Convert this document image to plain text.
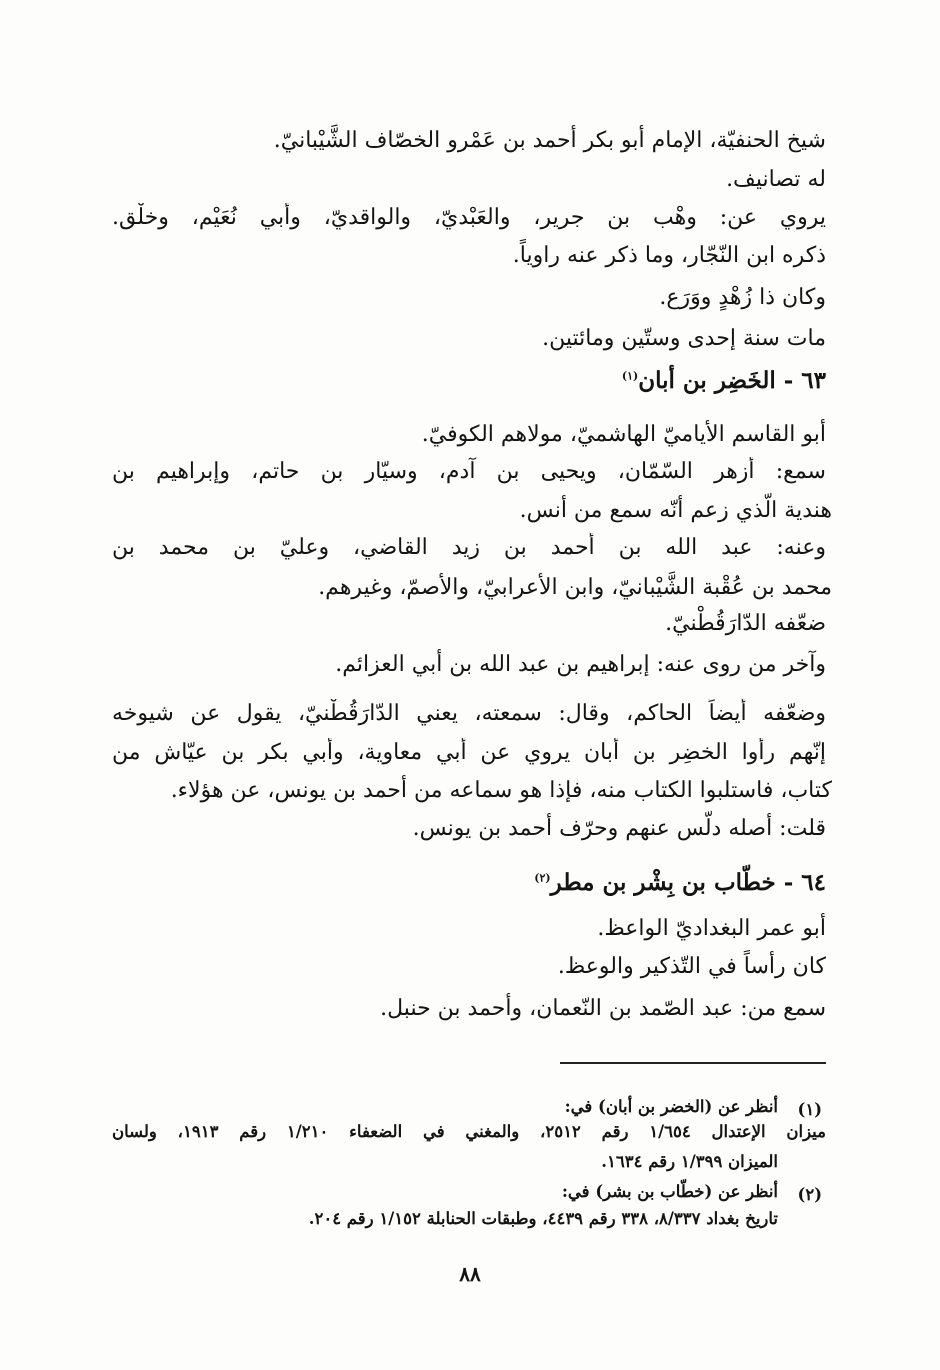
شيخ الحنفيّة، الإمام أبو بكر أحمد بن عَمْرو الخصّاف الشَّيْبانيّ.
له تصانيف.
يروي عن: وهْب بن جرير، والعَبْديّ، والواقديّ، وأبي نُعَيْم، وخلْق.
ذكره ابن النّجّار، وما ذكر عنه راوياً.
وكان ذا زُهْدٍ ووَرَع.
مات سنة إحدى وستّين ومائتين.
٦٣ - الخَضِر بن أبان$^{(١)}$
أبو القاسم الأياميّ الهاشميّ، مولاهم الكوفيّ.
سمع: أزهر السّمّان، ويحيى بن آدم، وسيّار بن حاتم، وإبراهيم بن
هندية الّذي زعم أنّه سمع من أنس.
وعنه: عبد الله بن أحمد بن زيد القاضي، وعليّ بن محمد بن
محمد بن عُقْبة الشَّيْبانيّ، وابن الأعرابيّ، والأصمّ، وغيرهم.
ضعّفه الدّارَقُطْنيّ.
وآخر من روى عنه: إبراهيم بن عبد الله بن أبي العزائم.
وضعّفه أيضاً الحاكم، وقال: سمعته، يعني الدّارَقُطْنيّ، يقول عن شيوخه
إنّهم رأوا الخضِر بن أبان يروي عن أبي معاوية، وأبي بكر بن عيّاش من
كتاب، فاستلبوا الكتاب منه، فإذا هو سماعه من أحمد بن يونس، عن هؤلاء.
قلت: أصله دلّس عنهم وحرّف أحمد بن يونس.
٦٤ - خطّاب بن بِشْر بن مطر$^{(٢)}$
أبو عمر البغداديّ الواعظ.
كان رأساً في التّذكير والوعظ.
سمع من: عبد الصّمد بن النّعمان، وأحمد بن حنبل.
(١)
أنظر عن (الخضر بن أبان) في:
ميزان الإعتدال ١/٦٥٤ رقم ٢٥١٢، والمغني في الضعفاء ١/٢١٠ رقم ١٩١٣، ولسان
الميزان ١/٣٩٩ رقم ١٦٣٤.
(٢)
أنظر عن (خطّاب بن بشر) في:
تاريخ بغداد ٨/٣٣٧، ٣٣٨ رقم ٤٤٣٩، وطبقات الحنابلة ١/١٥٢ رقم ٢٠٤.
٨٨
